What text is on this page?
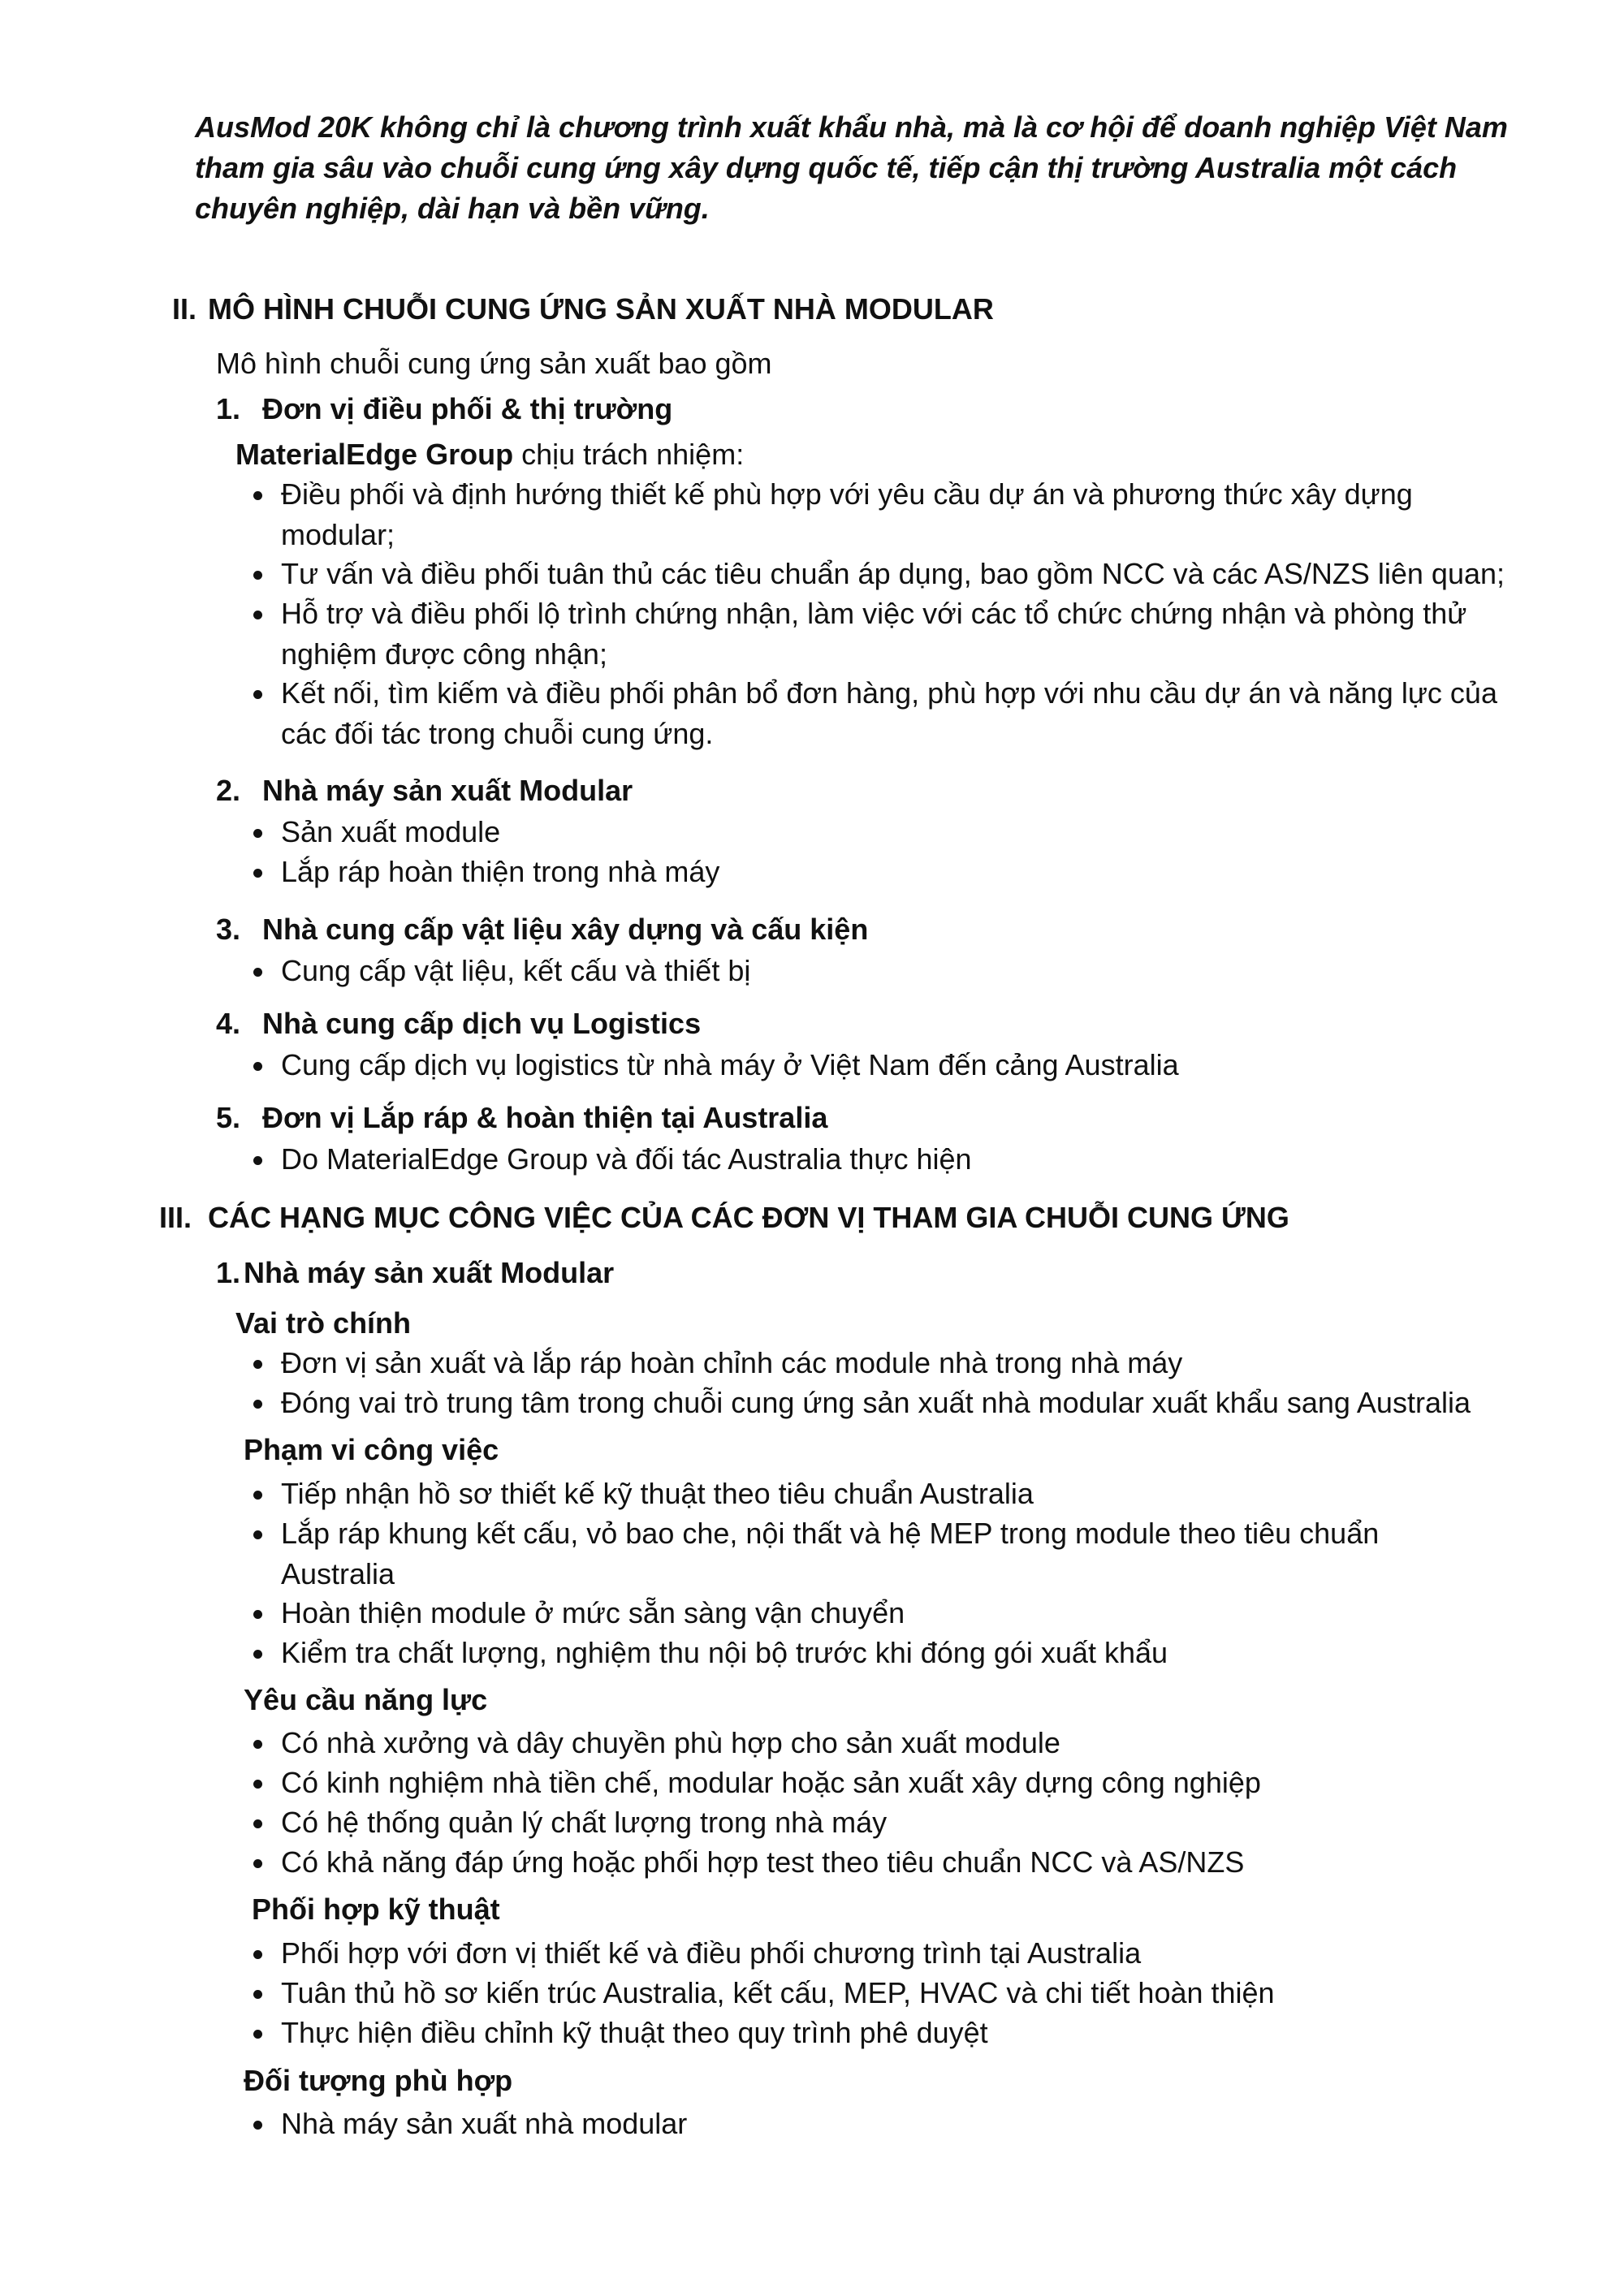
AusMod 20K không chỉ là chương trình xuất khẩu nhà, mà là cơ hội để doanh nghiệp Việt Nam tham gia sâu vào chuỗi cung ứng xây dựng quốc tế, tiếp cận thị trường Australia một cách chuyên nghiệp, dài hạn và bền vững.
II. MÔ HÌNH CHUỖI CUNG ỨNG SẢN XUẤT NHÀ MODULAR
Mô hình chuỗi cung ứng sản xuất bao gồm
1. Đơn vị điều phối & thị trường
MaterialEdge Group chịu trách nhiệm:
Điều phối và định hướng thiết kế phù hợp với yêu cầu dự án và phương thức xây dựng modular;
Tư vấn và điều phối tuân thủ các tiêu chuẩn áp dụng, bao gồm NCC và các AS/NZS liên quan;
Hỗ trợ và điều phối lộ trình chứng nhận, làm việc với các tổ chức chứng nhận và phòng thử nghiệm được công nhận;
Kết nối, tìm kiếm và điều phối phân bổ đơn hàng, phù hợp với nhu cầu dự án và năng lực của các đối tác trong chuỗi cung ứng.
2. Nhà máy sản xuất Modular
Sản xuất module
Lắp ráp hoàn thiện trong nhà máy
3. Nhà cung cấp vật liệu xây dựng và cấu kiện
Cung cấp vật liệu, kết cấu và thiết bị
4. Nhà cung cấp dịch vụ Logistics
Cung cấp dịch vụ logistics từ nhà máy ở Việt Nam đến cảng Australia
5. Đơn vị Lắp ráp & hoàn thiện tại Australia
Do MaterialEdge Group và đối tác Australia thực hiện
III. CÁC HẠNG MỤC CÔNG VIỆC CỦA CÁC ĐƠN VỊ THAM GIA CHUỖI CUNG ỨNG
1. Nhà máy sản xuất Modular
Vai trò chính
Đơn vị sản xuất và lắp ráp hoàn chỉnh các module nhà trong nhà máy
Đóng vai trò trung tâm trong chuỗi cung ứng sản xuất nhà modular xuất khẩu sang Australia
Phạm vi công việc
Tiếp nhận hồ sơ thiết kế kỹ thuật theo tiêu chuẩn Australia
Lắp ráp khung kết cấu, vỏ bao che, nội thất và hệ MEP trong module theo tiêu chuẩn Australia
Hoàn thiện module ở mức sẵn sàng vận chuyển
Kiểm tra chất lượng, nghiệm thu nội bộ trước khi đóng gói xuất khẩu
Yêu cầu năng lực
Có nhà xưởng và dây chuyền phù hợp cho sản xuất module
Có kinh nghiệm nhà tiền chế, modular hoặc sản xuất xây dựng công nghiệp
Có hệ thống quản lý chất lượng trong nhà máy
Có khả năng đáp ứng hoặc phối hợp test theo tiêu chuẩn NCC và AS/NZS
Phối hợp kỹ thuật
Phối hợp với đơn vị thiết kế và điều phối chương trình tại Australia
Tuân thủ hồ sơ kiến trúc Australia, kết cấu, MEP, HVAC và chi tiết hoàn thiện
Thực hiện điều chỉnh kỹ thuật theo quy trình phê duyệt
Đối tượng phù hợp
Nhà máy sản xuất nhà modular
